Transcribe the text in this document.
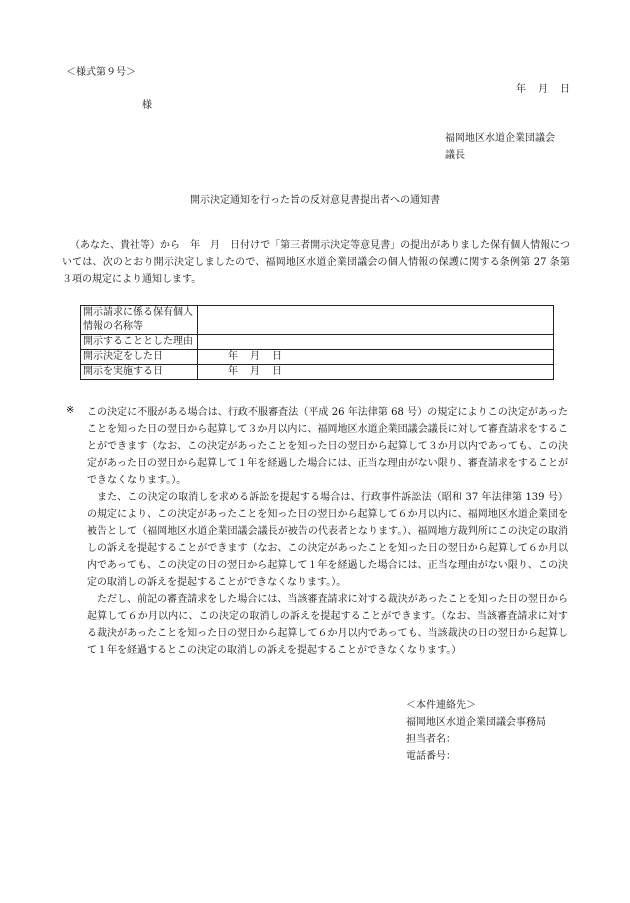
＜様式第９号＞
年　月　日
様
福岡地区水道企業団議会
議長
開示決定通知を行った旨の反対意見書提出者への通知書
（あなた、貴社等）から　年　月　日付けで「第三者開示決定等意見書」の提出がありました保有個人情報については、次のとおり開示決定しましたので、福岡地区水道企業団議会の個人情報の保護に関する条例第 27 条第３項の規定により通知します。
開示請求に係る保有個人情報の名称等	
開示することとした理由	
開示決定をした日	年　月　日
開示を実施する日	年　月　日
※ この決定に不服がある場合は、行政不服審査法（平成 26 年法律第 68 号）の規定によりこの決定があったことを知った日の翌日から起算して３か月以内に、福岡地区水道企業団議会議長に対して審査請求をすることができます（なお、この決定があったことを知った日の翌日から起算して３か月以内であっても、この決定があった日の翌日から起算して１年を経過した場合には、正当な理由がない限り、審査請求をすることができなくなります。）。

また、この決定の取消しを求める訴訟を提起する場合は、行政事件訴訟法（昭和 37 年法律第 139 号）の規定により、この決定があったことを知った日の翌日から起算して６か月以内に、福岡地区水道企業団を被告として（福岡地区水道企業団議会議長が被告の代表者となります。）、福岡地方裁判所にこの決定の取消しの訴えを提起することができます（なお、この決定があったことを知った日の翌日から起算して６か月以内であっても、この決定の日の翌日から起算して１年を経過した場合には、正当な理由がない限り、この決定の取消しの訴えを提起することができなくなります。）。

ただし、前記の審査請求をした場合には、当該審査請求に対する裁決があったことを知った日の翌日から起算して６か月以内に、この決定の取消しの訴えを提起することができます。（なお、当該審査請求に対する裁決があったことを知った日の翌日から起算して６か月以内であっても、当該裁決の日の翌日から起算して１年を経過するとこの決定の取消しの訴えを提起することができなくなります。）

＜本件連絡先＞
福岡地区水道企業団議会事務局
担当者名：
電話番号：
